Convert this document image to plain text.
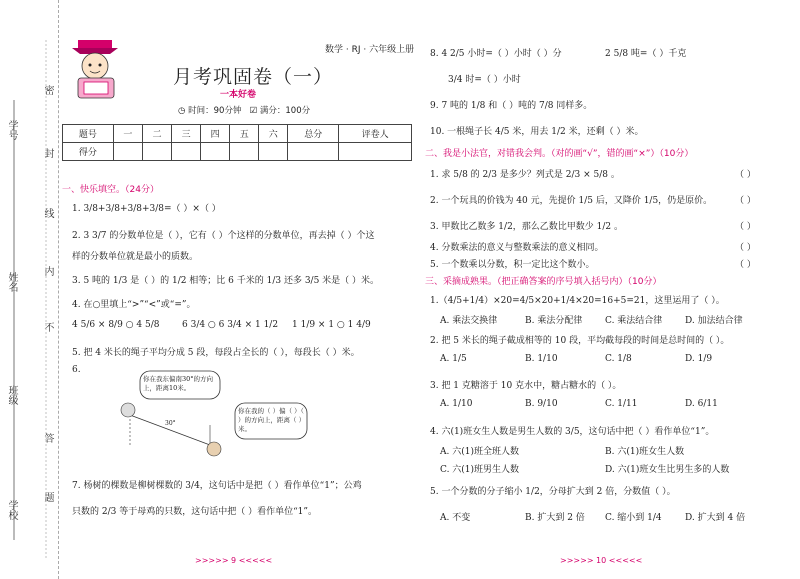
学号
姓名
班级
学校
密
封
线
内
不
答
题
数学 · RJ · 六年级上册
月考巩固卷（一）
一本好卷
◷ 时间：90分钟 ☑ 满分：100分
题号	一	二	三	四	五	六	总分	评卷人
得分								
一、快乐填空。（24分）
1. 3/8+3/8+3/8+3/8=（ ）×（ ）
2. 3 3/7 的分数单位是（ ），它有（ ）个这样的分数单位，再去掉（ ）个这
样的分数单位就是最小的质数。
3. 5 吨的 1/3 是（ ）的 1/2 相等；比 6 千米的 1/3 还多 3/5 米是（ ）米。
4. 在○里填上“>”“<”或“=”。
4 5/6 × 8/9 ○ 4 5/8	6 3/4 ○ 6 3/4 × 1 1/2 1 1/9 × 1 ○ 1 4/9
5. 把 4 米长的绳子平均分成 5 段，每段占全长的（ ），每段长（ ）米。
6.
你在我东偏南30°的方向上，距离10米。
你在我的（ ）偏（ ）（ ）的方向上，距离（ ）米。
30°
7. 杨树的棵数是柳树棵数的 3/4，这句话中是把（ ）看作单位“1”；公鸡
只数的 2/3 等于母鸡的只数，这句话中把（ ）看作单位“1”。
>>>>> 9 <<<<<
8. 4 2/5 小时=（ ）小时（ ）分	2 5/8 吨=（ ）千克
3/4 时=（ ）小时
9. 7 吨的 1/8 和（ ）吨的 7/8 同样多。
10. 一根绳子长 4/5 米，用去 1/2 米，还剩（ ）米。
二、我是小法官，对错我会判。（对的画“√”，错的画“×”）（10分）
1. 求 5/8 的 2/3 是多少？列式是 2/3 × 5/8 。	（ ）
2. 一个玩具的价钱为 40 元，先提价 1/5 后，又降价 1/5，仍是原价。	（ ）
3. 甲数比乙数多 1/2，那么乙数比甲数少 1/2 。	（ ）
4. 分数乘法的意义与整数乘法的意义相同。	（ ）
5. 一个数乘以分数，积一定比这个数小。	（ ）
三、采摘成熟果。（把正确答案的序号填入括号内）（10分）
1.（4/5+1/4）×20=4/5×20+1/4×20=16+5=21，这里运用了（ ）。
A. 乘法交换律	B. 乘法分配律	C. 乘法结合律	D. 加法结合律
2. 把 5 米长的绳子截成相等的 10 段，平均截每段的时间是总时间的（ ）。
A. 1/5	B. 1/10	C. 1/8	D. 1/9
3. 把 1 克糖溶于 10 克水中，糖占糖水的（ ）。
A. 1/10	B. 9/10	C. 1/11	D. 6/11
4. 六(1)班女生人数是男生人数的 3/5，这句话中把（ ）看作单位“1”。
A. 六(1)班全班人数	B. 六(1)班女生人数
C. 六(1)班男生人数	D. 六(1)班女生比男生多的人数
5. 一个分数的分子缩小 1/2，分母扩大到 2 倍，分数值（ ）。
A. 不变	B. 扩大到 2 倍 C. 缩小到 1/4	D. 扩大到 4 倍
>>>>> 10 <<<<<
